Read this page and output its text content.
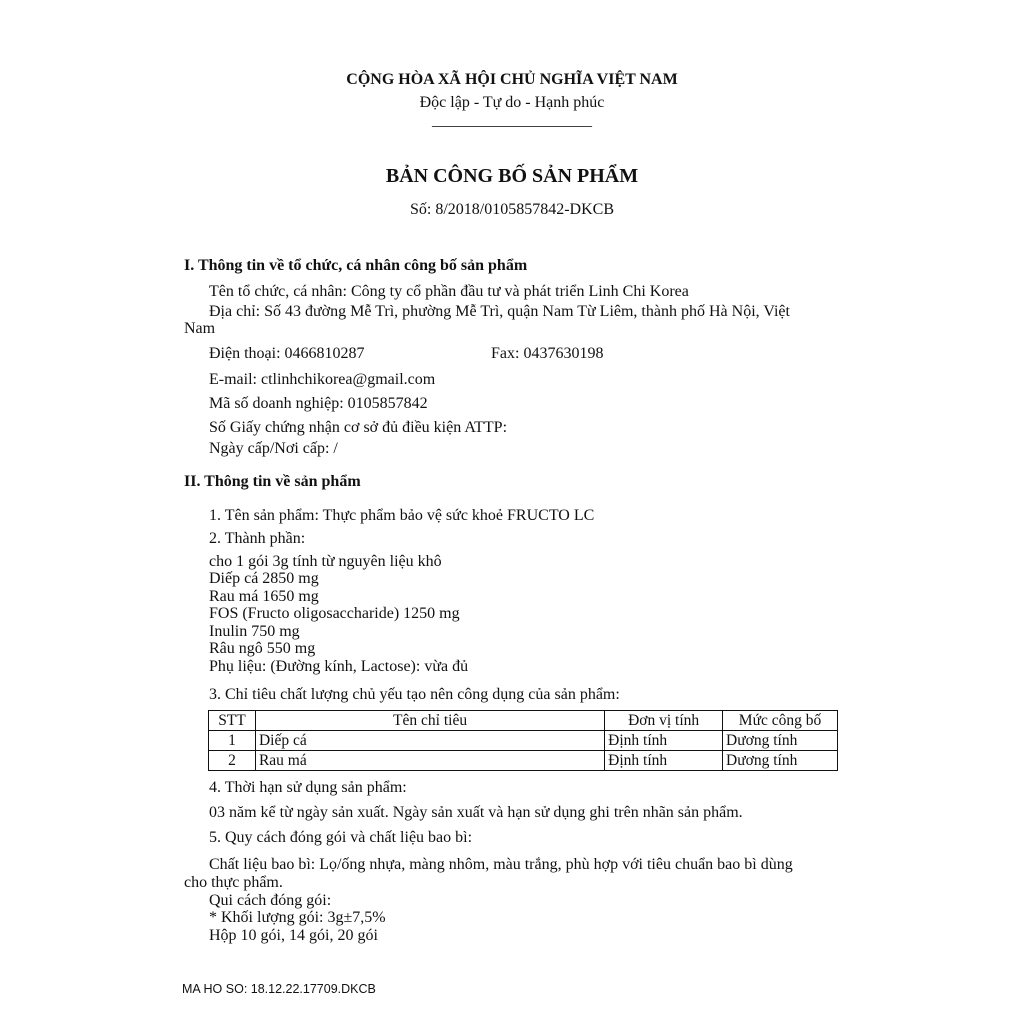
CỘNG HÒA XÃ HỘI CHỦ NGHĨA VIỆT NAM
Độc lập - Tự do - Hạnh phúc
____________________
BẢN CÔNG BỐ SẢN PHẨM
Số: 8/2018/0105857842-DKCB
I. Thông tin về tổ chức, cá nhân công bố sản phẩm
Tên tổ chức, cá nhân: Công ty cổ phần đầu tư và phát triển Linh Chi Korea
Địa chỉ: Số 43 đường Mễ Trì, phường Mễ Trì, quận Nam Từ Liêm, thành phố Hà Nội, Việt
Nam
Điện thoại: 0466810287	Fax: 0437630198
E-mail: ctlinhchikorea@gmail.com
Mã số doanh nghiệp: 0105857842
Số Giấy chứng nhận cơ sở đủ điều kiện ATTP:
Ngày cấp/Nơi cấp: /
II. Thông tin về sản phẩm
1. Tên sản phẩm: Thực phẩm bảo vệ sức khoẻ FRUCTO LC
2. Thành phần:
cho 1 gói 3g tính từ nguyên liệu khô
Diếp cá 2850 mg
Rau má 1650 mg
FOS (Fructo oligosaccharide) 1250 mg
Inulin 750 mg
Râu ngô 550 mg
Phụ liệu: (Đường kính, Lactose): vừa đủ
3. Chỉ tiêu chất lượng chủ yếu tạo nên công dụng của sản phẩm:
STT	Tên chỉ tiêu	Đơn vị tính	Mức công bố
1	Diếp cá	Định tính	Dương tính
2	Rau má	Định tính	Dương tính
4. Thời hạn sử dụng sản phẩm:
03 năm kể từ ngày sản xuất. Ngày sản xuất và hạn sử dụng ghi trên nhãn sản phẩm.
5. Quy cách đóng gói và chất liệu bao bì:
Chất liệu bao bì: Lọ/ống nhựa, màng nhôm, màu trắng, phù hợp với tiêu chuẩn bao bì dùng
cho thực phẩm.
Qui cách đóng gói:
* Khối lượng gói: 3g±7,5%
Hộp 10 gói, 14 gói, 20 gói
MA HO SO: 18.12.22.17709.DKCB
